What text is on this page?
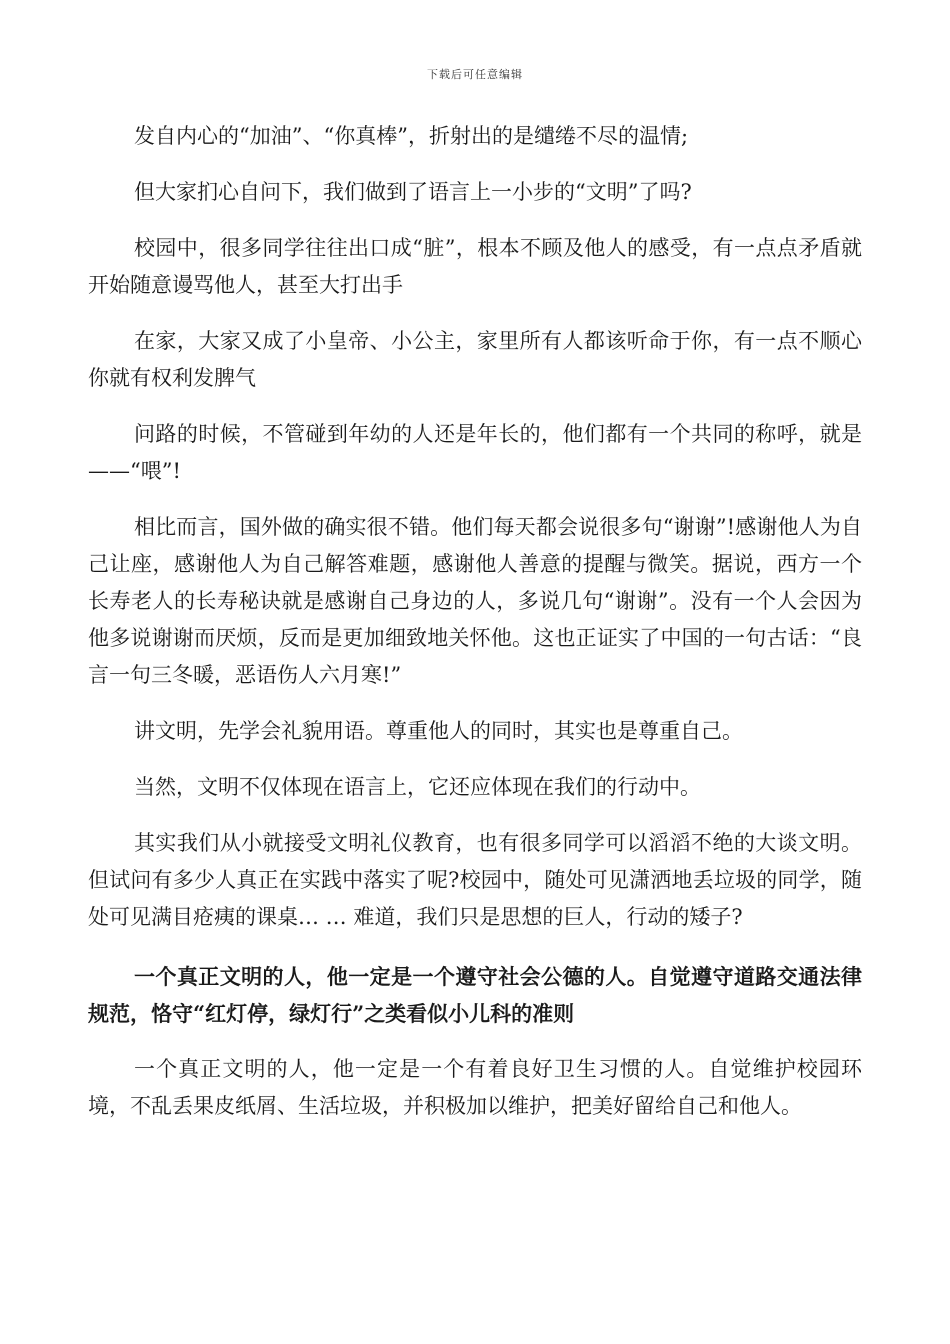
下载后可任意编辑

发自内心的“加油”、“你真棒”，折射出的是缱绻不尽的温情;

但大家扪心自问下，我们做到了语言上一小步的“文明”了吗?

校园中，很多同学往往出口成“脏”，根本不顾及他人的感受，有一点点矛盾就开始随意谩骂他人，甚至大打出手

在家，大家又成了小皇帝、小公主，家里所有人都该听命于你，有一点不顺心你就有权利发脾气

问路的时候，不管碰到年幼的人还是年长的，他们都有一个共同的称呼，就是——“喂”!

相比而言，国外做的确实很不错。他们每天都会说很多句“谢谢”!感谢他人为自己让座，感谢他人为自己解答难题，感谢他人善意的提醒与微笑。据说，西方一个长寿老人的长寿秘诀就是感谢自己身边的人，多说几句“谢谢”。没有一个人会因为他多说谢谢而厌烦，反而是更加细致地关怀他。这也正证实了中国的一句古话：“良言一句三冬暖，恶语伤人六月寒!”

讲文明，先学会礼貌用语。尊重他人的同时，其实也是尊重自己。

当然，文明不仅体现在语言上，它还应体现在我们的行动中。

其实我们从小就接受文明礼仪教育，也有很多同学可以滔滔不绝的大谈文明。但试问有多少人真正在实践中落实了呢?校园中，随处可见潇洒地丢垃圾的同学，随处可见满目疮痍的课桌… … 难道，我们只是思想的巨人，行动的矮子?

一个真正文明的人，他一定是一个遵守社会公德的人。自觉遵守道路交通法律规范，恪守“红灯停，绿灯行”之类看似小儿科的准则

一个真正文明的人，他一定是一个有着良好卫生习惯的人。自觉维护校园环境，不乱丢果皮纸屑、生活垃圾，并积极加以维护，把美好留给自己和他人。
